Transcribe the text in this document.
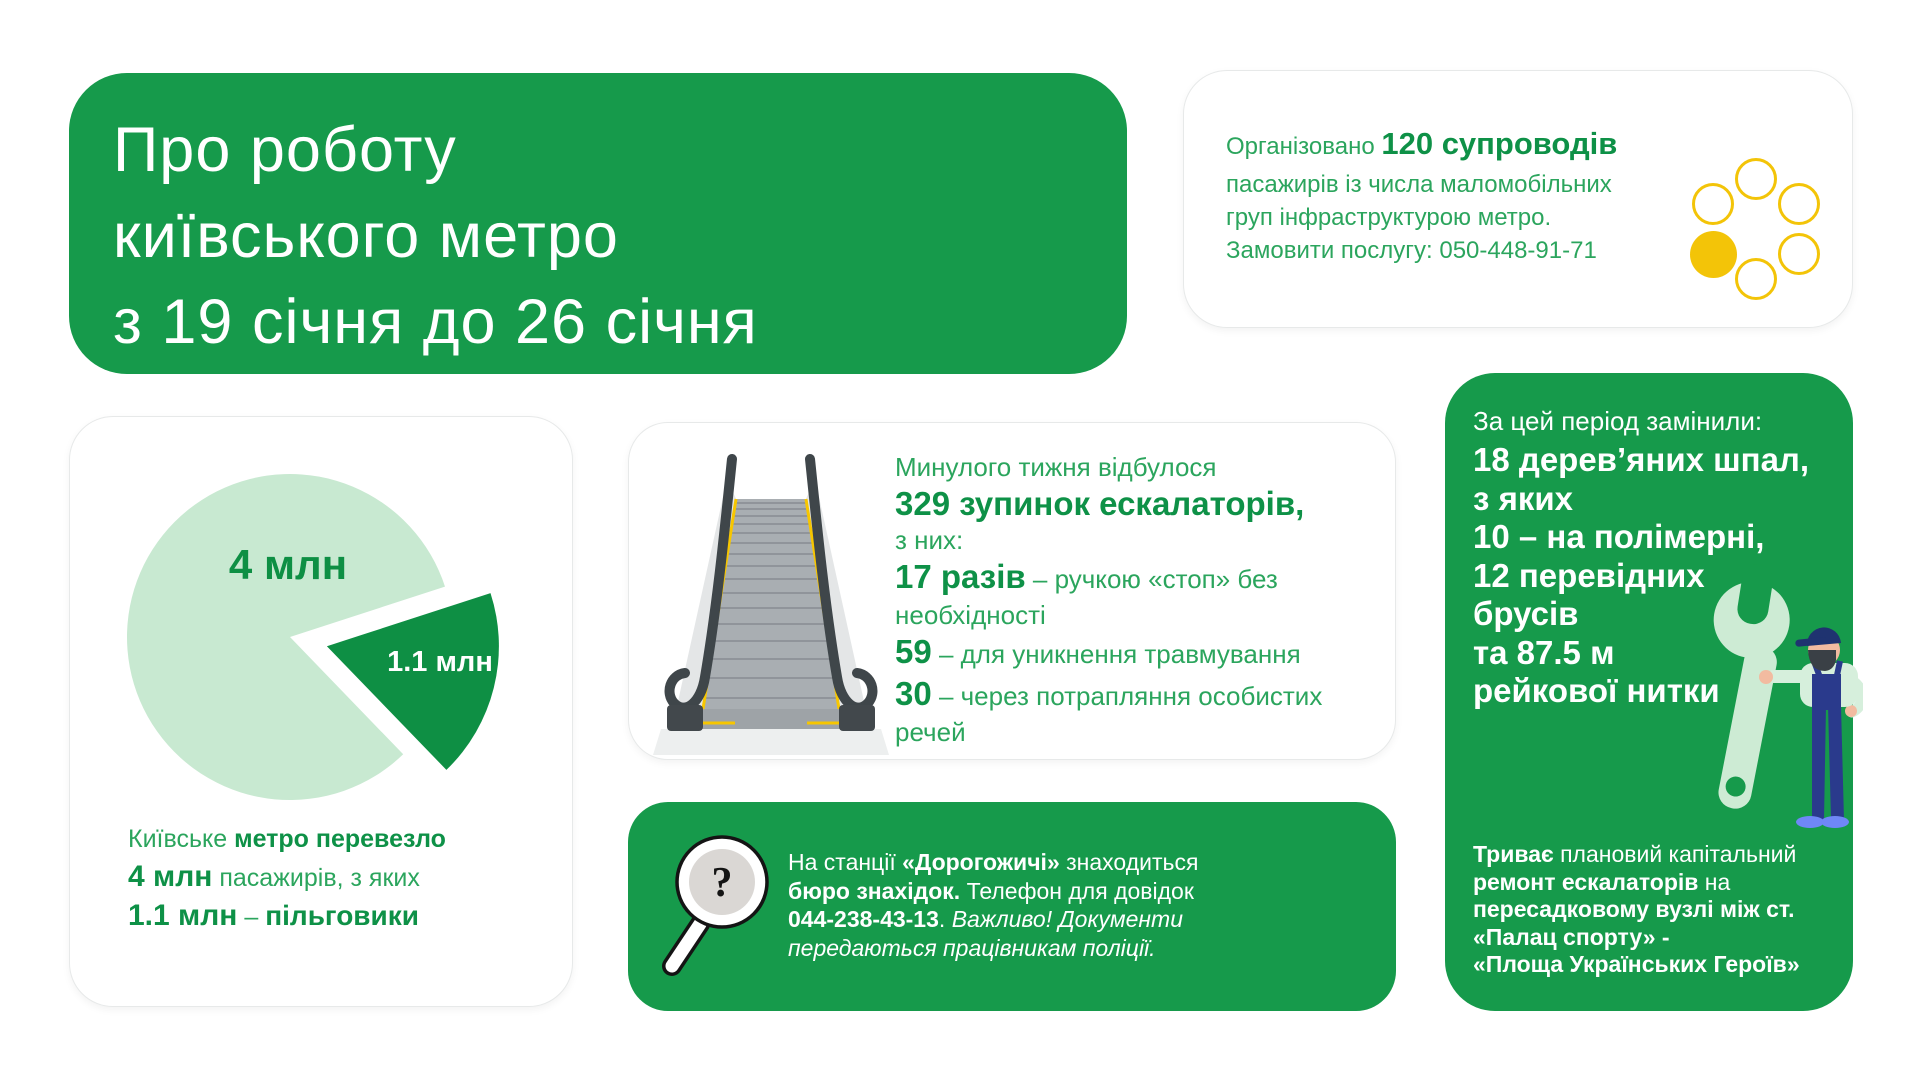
Про роботу
київського метро
з 19 січня до 26 січня
Організовано 120 супроводів
пасажирів із числа маломобільних
груп інфраструктурою метро.
Замовити послугу: 050-448-91-71
4 млн
1.1 млн
Київське метро перевезло
4 млн пасажирів, з яких
1.1 млн – пільговики
Минулого тижня відбулося
329 зупинок ескалаторів,
з них:
17 разів – ручкою «стоп» без
необхідності
59 – для уникнення травмування
30 – через потрапляння особистих
речей
? На станції «Дорогожичі» знаходиться
бюро знахідок. Телефон для довідок
044-238-43-13. Важливо! Документи
передаються працівникам поліції.
За цей період замінили:
18 дерев’яних шпал,
з яких
10 – на полімерні,
12 перевідних
брусів
та 87.5 м
рейкової нитки
Триває плановий капітальний
ремонт ескалаторів на
пересадковому вузлі між ст.
«Палац спорту» -
«Площа Українських Героїв»
